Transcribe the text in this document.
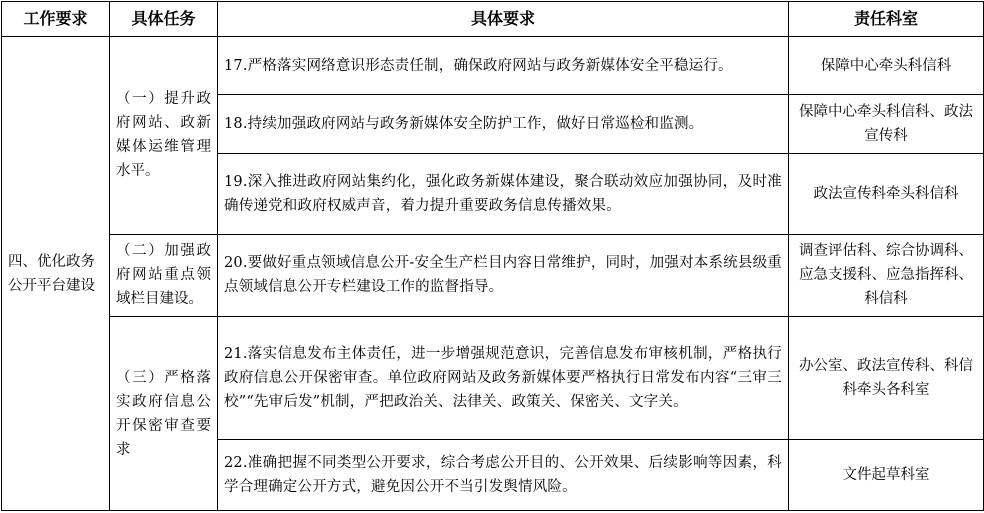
工作要求	具体任务	具体要求	责任科室
四、优化政务公开平台建设	（一）提升政府网站、政新媒体运维管理水平。	17.严格落实网络意识形态责任制，确保政府网站与政务新媒体安全平稳运行。	保障中心牵头科信科
		18.持续加强政府网站与政务新媒体安全防护工作，做好日常巡检和监测。	保障中心牵头科信科、政法宣传科
		19.深入推进政府网站集约化，强化政务新媒体建设，聚合联动效应加强协同，及时准确传递党和政府权威声音，着力提升重要政务信息传播效果。	政法宣传科牵头科信科
	（二）加强政府网站重点领域栏目建设。	20.要做好重点领域信息公开-安全生产栏目内容日常维护，同时，加强对本系统县级重点领域信息公开专栏建设工作的监督指导。	调查评估科、综合协调科、应急支援科、应急指挥科、科信科
	（三）严格落实政府信息公开保密审查要求	21.落实信息发布主体责任，进一步增强规范意识，完善信息发布审核机制，严格执行政府信息公开保密审查。单位政府网站及政务新媒体要严格执行日常发布内容“三审三校”“先审后发”机制，严把政治关、法律关、政策关、保密关、文字关。	办公室、政法宣传科、科信科牵头各科室
		22.准确把握不同类型公开要求，综合考虑公开目的、公开效果、后续影响等因素，科学合理确定公开方式，避免因公开不当引发舆情风险。	文件起草科室
